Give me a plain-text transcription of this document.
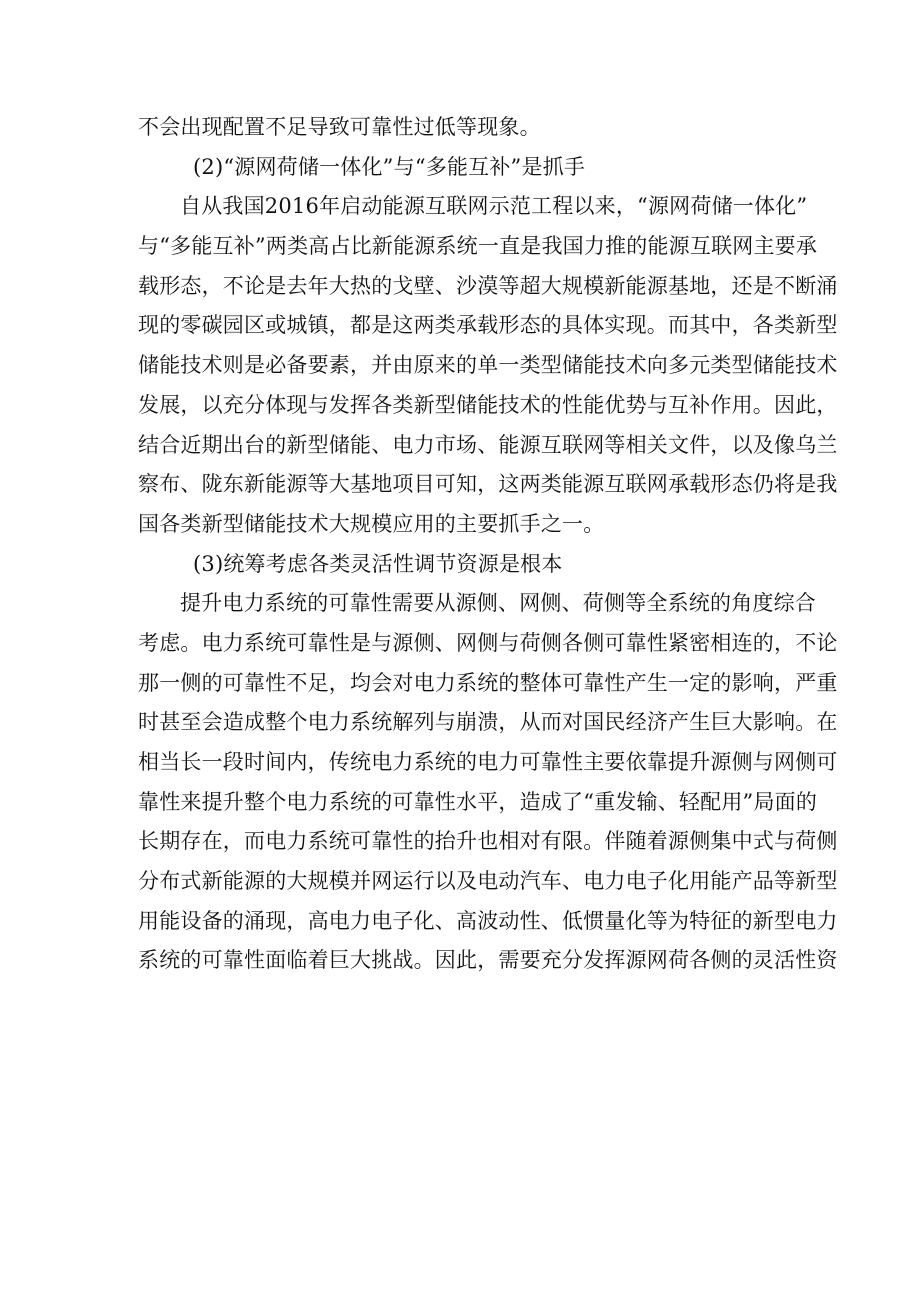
不会出现配置不足导致可靠性过低等现象。
(2)“源网荷储一体化”与“多能互补”是抓手
自从我国2016年启动能源互联网示范工程以来，“源网荷储一体化”
与“多能互补”两类高占比新能源系统一直是我国力推的能源互联网主要承
载形态，不论是去年大热的戈壁、沙漠等超大规模新能源基地，还是不断涌
现的零碳园区或城镇，都是这两类承载形态的具体实现。而其中，各类新型
储能技术则是必备要素，并由原来的单一类型储能技术向多元类型储能技术
发展，以充分体现与发挥各类新型储能技术的性能优势与互补作用。因此，
结合近期出台的新型储能、电力市场、能源互联网等相关文件，以及像乌兰
察布、陇东新能源等大基地项目可知，这两类能源互联网承载形态仍将是我
国各类新型储能技术大规模应用的主要抓手之一。
(3)统筹考虑各类灵活性调节资源是根本
提升电力系统的可靠性需要从源侧、网侧、荷侧等全系统的角度综合
考虑。电力系统可靠性是与源侧、网侧与荷侧各侧可靠性紧密相连的，不论
那一侧的可靠性不足，均会对电力系统的整体可靠性产生一定的影响，严重
时甚至会造成整个电力系统解列与崩溃，从而对国民经济产生巨大影响。在
相当长一段时间内，传统电力系统的电力可靠性主要依靠提升源侧与网侧可
靠性来提升整个电力系统的可靠性水平，造成了“重发输、轻配用”局面的
长期存在，而电力系统可靠性的抬升也相对有限。伴随着源侧集中式与荷侧
分布式新能源的大规模并网运行以及电动汽车、电力电子化用能产品等新型
用能设备的涌现，高电力电子化、高波动性、低惯量化等为特征的新型电力
系统的可靠性面临着巨大挑战。因此，需要充分发挥源网荷各侧的灵活性资
